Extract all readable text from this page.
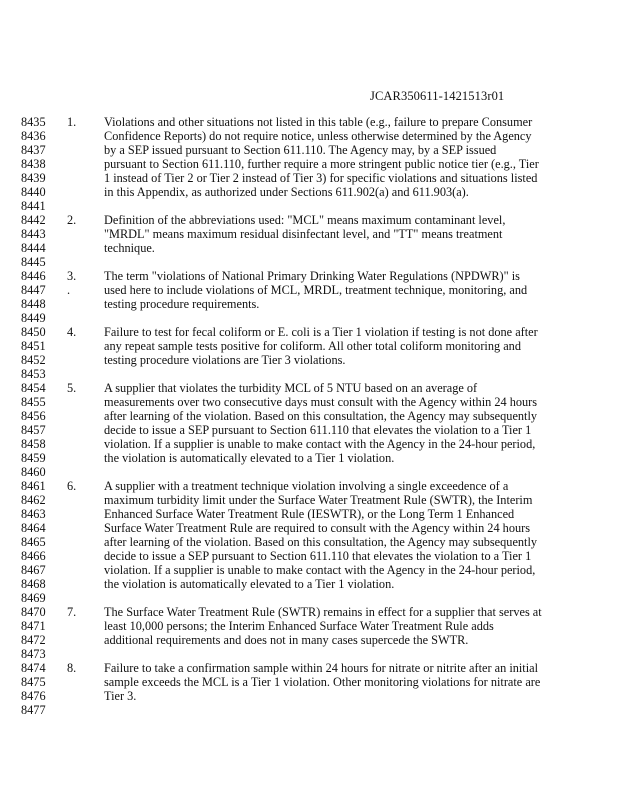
JCAR350611-1421513r01
8435 1. Violations and other situations not listed in this table (e.g., failure to prepare Consumer
8436	Confidence Reports) do not require notice, unless otherwise determined by the Agency
8437	by a SEP issued pursuant to Section 611.110. The Agency may, by a SEP issued
8438	pursuant to Section 611.110, further require a more stringent public notice tier (e.g., Tier
8439	1 instead of Tier 2 or Tier 2 instead of Tier 3) for specific violations and situations listed
8440	in this Appendix, as authorized under Sections 611.902(a) and 611.903(a).
8441
8442 2. Definition of the abbreviations used: "MCL" means maximum contaminant level,
8443	"MRDL" means maximum residual disinfectant level, and "TT" means treatment
8444	technique.
8445
8446 3. The term "violations of National Primary Drinking Water Regulations (NPDWR)" is
8447 .	used here to include violations of MCL, MRDL, treatment technique, monitoring, and
8448	testing procedure requirements.
8449
8450 4. Failure to test for fecal coliform or E. coli is a Tier 1 violation if testing is not done after
8451	any repeat sample tests positive for coliform. All other total coliform monitoring and
8452	testing procedure violations are Tier 3 violations.
8453
8454 5. A supplier that violates the turbidity MCL of 5 NTU based on an average of
8455	measurements over two consecutive days must consult with the Agency within 24 hours
8456	after learning of the violation. Based on this consultation, the Agency may subsequently
8457	decide to issue a SEP pursuant to Section 611.110 that elevates the violation to a Tier 1
8458	violation. If a supplier is unable to make contact with the Agency in the 24-hour period,
8459	the violation is automatically elevated to a Tier 1 violation.
8460
8461 6. A supplier with a treatment technique violation involving a single exceedence of a
8462	maximum turbidity limit under the Surface Water Treatment Rule (SWTR), the Interim
8463	Enhanced Surface Water Treatment Rule (IESWTR), or the Long Term 1 Enhanced
8464	Surface Water Treatment Rule are required to consult with the Agency within 24 hours
8465	after learning of the violation. Based on this consultation, the Agency may subsequently
8466	decide to issue a SEP pursuant to Section 611.110 that elevates the violation to a Tier 1
8467	violation. If a supplier is unable to make contact with the Agency in the 24-hour period,
8468	the violation is automatically elevated to a Tier 1 violation.
8469
8470 7. The Surface Water Treatment Rule (SWTR) remains in effect for a supplier that serves at
8471	least 10,000 persons; the Interim Enhanced Surface Water Treatment Rule adds
8472	additional requirements and does not in many cases supercede the SWTR.
8473
8474 8. Failure to take a confirmation sample within 24 hours for nitrate or nitrite after an initial
8475	sample exceeds the MCL is a Tier 1 violation. Other monitoring violations for nitrate are
8476	Tier 3.
8477
